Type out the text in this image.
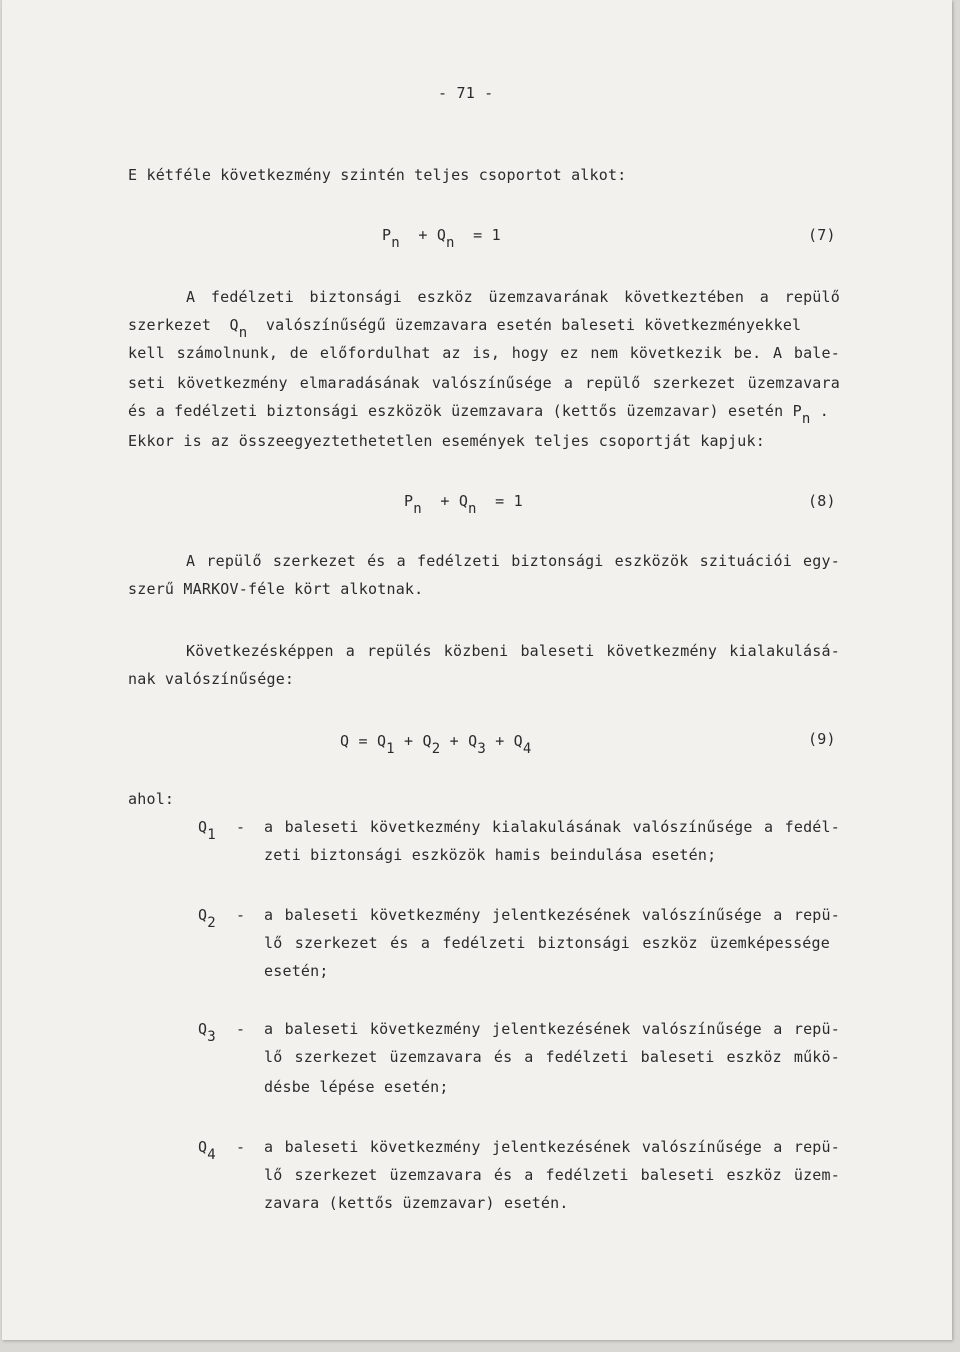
- 71 -
E kétféle következmény szintén teljes csoportot alkot:
Pn + Qn = 1	(7)
A fedélzeti biztonsági eszköz üzemzavarának következtében a repülő
szerkezet Qn valószínűségű üzemzavara esetén baleseti következményekkel
kell számolnunk, de előfordulhat az is, hogy ez nem következik be. A bale-
seti következmény elmaradásának valószínűsége a repülő szerkezet üzemzavara
és a fedélzeti biztonsági eszközök üzemzavara (kettős üzemzavar) esetén Pn .
Ekkor is az összeegyeztethetetlen események teljes csoportját kapjuk:
Pn + Qn = 1	(8)
A repülő szerkezet és a fedélzeti biztonsági eszközök szituációi egy-
szerű MARKOV-féle kört alkotnak.
Következésképpen a repülés közbeni baleseti következmény kialakulásá-
nak valószínűsége:
Q = Q1 + Q2 + Q3 + Q4
(9)
ahol:
Q1 - a baleseti következmény kialakulásának valószínűsége a fedél-
zeti biztonsági eszközök hamis beindulása esetén;
Q2 - a baleseti következmény jelentkezésének valószínűsége a repü-
lő szerkezet és a fedélzeti biztonsági eszköz üzemképessége
esetén;
Q3 - a baleseti következmény jelentkezésének valószínűsége a repü-
lő szerkezet üzemzavara és a fedélzeti baleseti eszköz műkö-
désbe lépése esetén;
Q4 - a baleseti következmény jelentkezésének valószínűsége a repü-
lő szerkezet üzemzavara és a fedélzeti baleseti eszköz üzem-
zavara (kettős üzemzavar) esetén.
